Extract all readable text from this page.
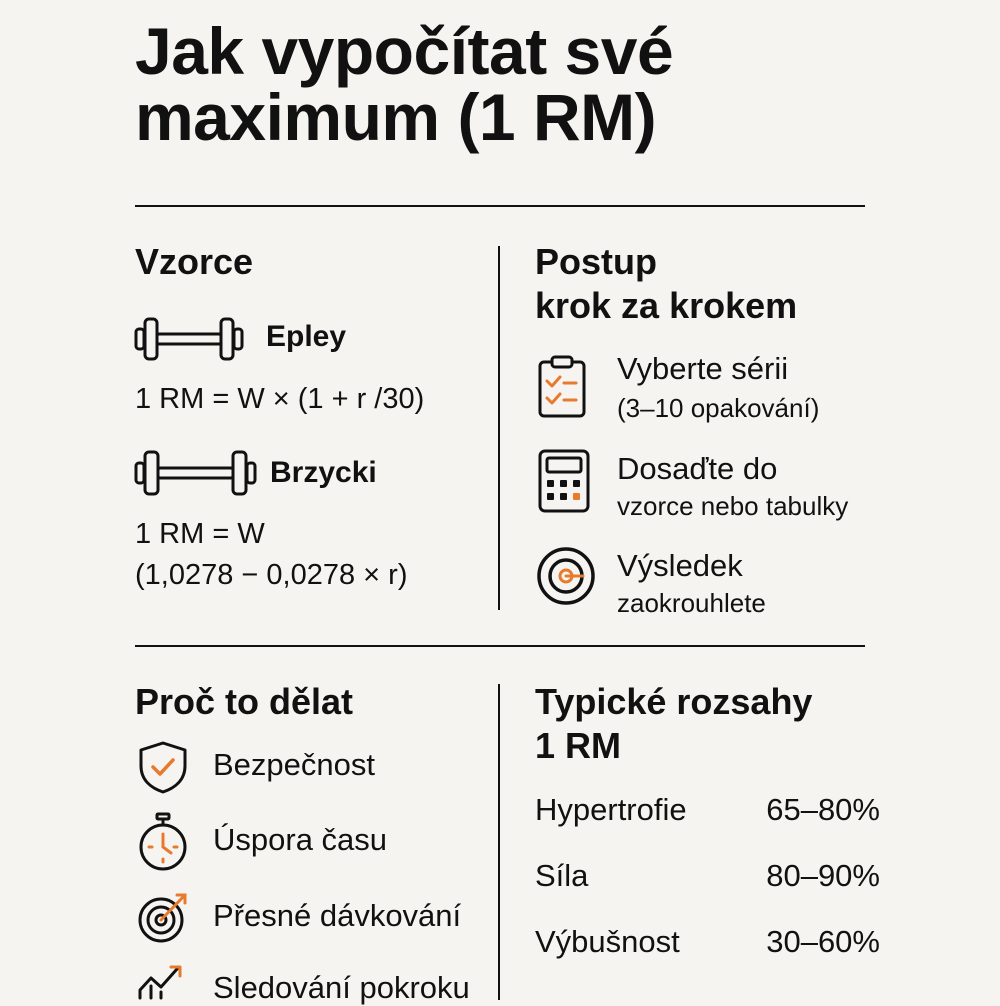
Jak vypočítat své
maximum (1 RM)
Vzorce
Epley
1 RM = W × (1 + r /30)
Brzycki
1 RM = W
(1,0278 − 0,0278 × r)
Postup
krok za krokem
Vyberte sérii
(3–10 opakování)
Dosaďte do
vzorce nebo tabulky
Výsledek
zaokrouhlete
Proč to dělat
Bezpečnost
Úspora času
Přesné dávkování
Sledování pokroku
Typické rozsahy
1 RM
Hypertrofie	65–80%
Síla	80–90%
Výbušnost	30–60%
